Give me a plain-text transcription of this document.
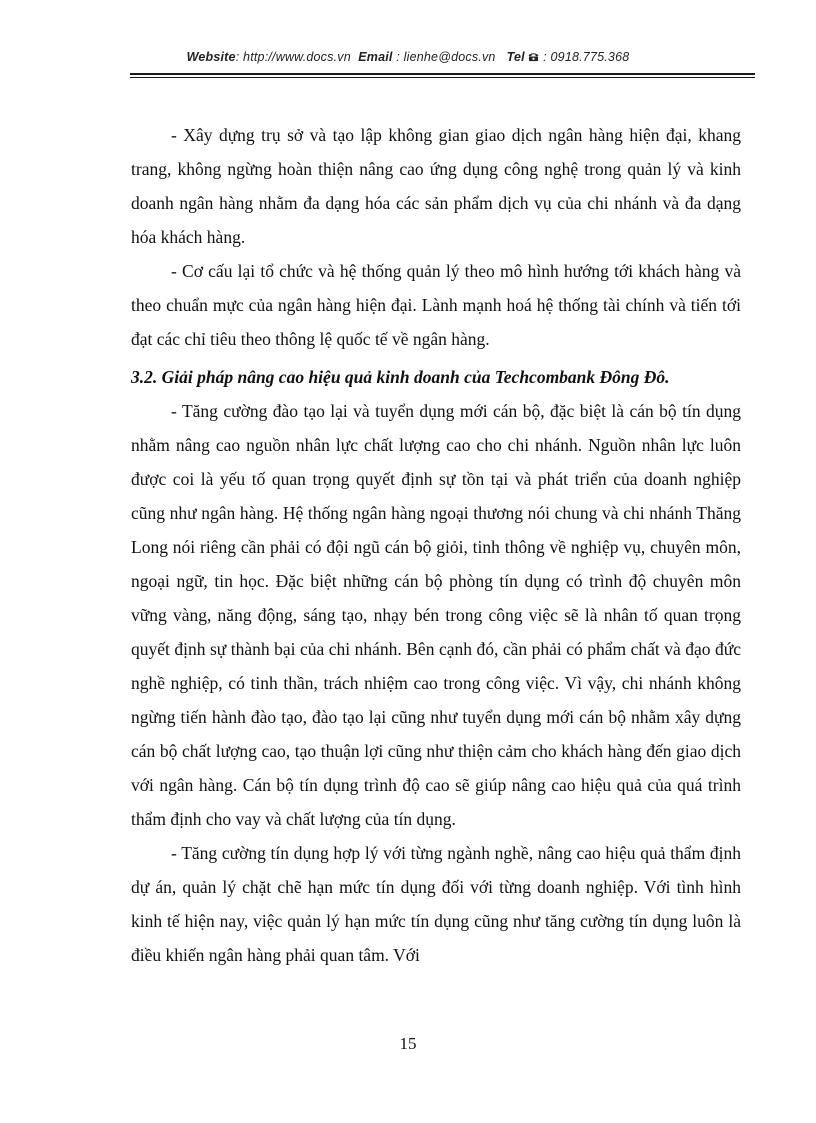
Website: http://www.docs.vn Email : lienhe@docs.vn Tel : 0918.775.368

- Xây dựng trụ sở và tạo lập không gian giao dịch ngân hàng hiện đại, khang trang, không ngừng hoàn thiện nâng cao ứng dụng công nghệ trong quản lý và kinh doanh ngân hàng nhằm đa dạng hóa các sản phẩm dịch vụ của chi nhánh và đa dạng hóa khách hàng.

- Cơ cấu lại tổ chức và hệ thống quản lý theo mô hình hướng tới khách hàng và theo chuẩn mực của ngân hàng hiện đại. Lành mạnh hoá hệ thống tài chính và tiến tới đạt các chỉ tiêu theo thông lệ quốc tế về ngân hàng.

3.2. Giải pháp nâng cao hiệu quả kinh doanh của Techcombank Đông Đô.

- Tăng cường đào tạo lại và tuyển dụng mới cán bộ, đặc biệt là cán bộ tín dụng nhằm nâng cao nguồn nhân lực chất lượng cao cho chi nhánh. Nguồn nhân lực luôn được coi là yếu tố quan trọng quyết định sự tồn tại và phát triển của doanh nghiệp cũng như ngân hàng. Hệ thống ngân hàng ngoại thương nói chung và chi nhánh Thăng Long nói riêng cần phải có đội ngũ cán bộ giỏi, tinh thông về nghiệp vụ, chuyên môn, ngoại ngữ, tin học. Đặc biệt những cán bộ phòng tín dụng có trình độ chuyên môn vững vàng, năng động, sáng tạo, nhạy bén trong công việc sẽ là nhân tố quan trọng quyết định sự thành bại của chi nhánh. Bên cạnh đó, cần phải có phẩm chất và đạo đức nghề nghiệp, có tinh thần, trách nhiệm cao trong công việc. Vì vậy, chi nhánh không ngừng tiến hành đào tạo, đào tạo lại cũng như tuyển dụng mới cán bộ nhằm xây dựng cán bộ chất lượng cao, tạo thuận lợi cũng như thiện cảm cho khách hàng đến giao dịch với ngân hàng. Cán bộ tín dụng trình độ cao sẽ giúp nâng cao hiệu quả của quá trình thẩm định cho vay và chất lượng của tín dụng.

- Tăng cường tín dụng hợp lý với từng ngành nghề, nâng cao hiệu quả thẩm định dự án, quản lý chặt chẽ hạn mức tín dụng đối với từng doanh nghiệp. Với tình hình kinh tế hiện nay, việc quản lý hạn mức tín dụng cũng như tăng cường tín dụng luôn là điều khiến ngân hàng phải quan tâm. Với

15
